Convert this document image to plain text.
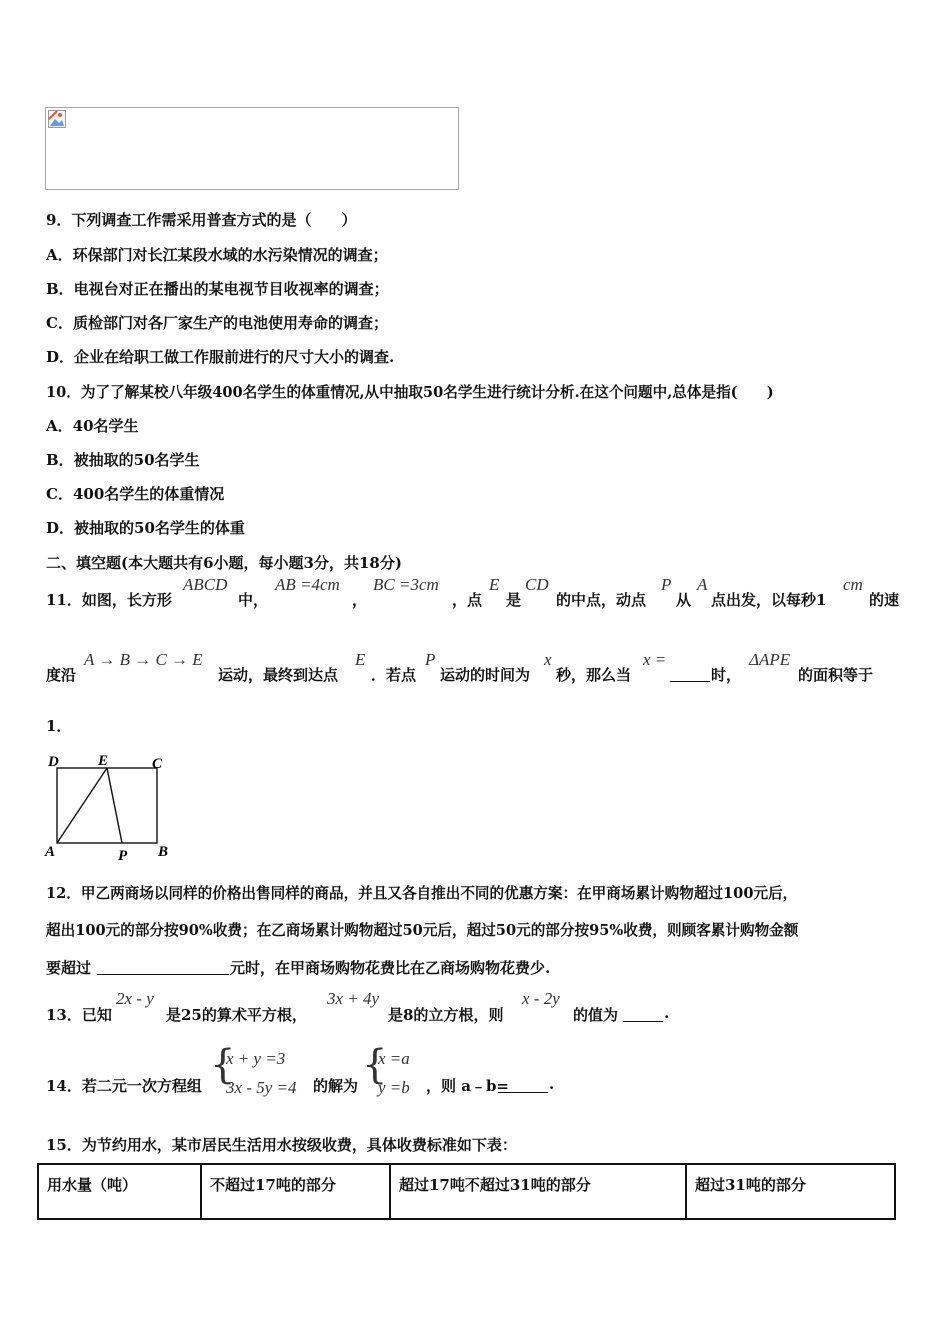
9．下列调查工作需采用普查方式的是（　　）
A．环保部门对长江某段水域的水污染情况的调查；
B．电视台对正在播出的某电视节目收视率的调查；
C．质检部门对各厂家生产的电池使用寿命的调查；
D．企业在给职工做工作服前进行的尺寸大小的调查.
10．为了了解某校八年级400名学生的体重情况,从中抽取50名学生进行统计分析.在这个问题中,总体是指(　　)
A．40名学生
B．被抽取的50名学生
C．400名学生的体重情况
D．被抽取的50名学生的体重
二、填空题(本大题共有6小题，每小题3分，共18分)
11．如图，长方形
ABCD
中，
AB =4cm
，
BC =3cm
，点
E
是
CD
的中点，动点
P
从
A
点出发，以每秒1
cm
的速
度沿
A → B → C → E
运动，最终到达点
E
．若点
P
运动的时间为
x
秒，那么当
x =
时，
ΔAPE
的面积等于
1．
D	E	C
A	P B
12．甲乙两商场以同样的价格出售同样的商品，并且又各自推出不同的优惠方案：在甲商场累计购物超过100元后，
超出100元的部分按90%收费；在乙商场累计购物超过50元后，超过50元的部分按95%收费，则顾客累计购物金额
要超过	元时，在甲商场购物花费比在乙商场购物花费少.
13．已知
2x - y
是25的算术平方根，
3x + 4y
是8的立方根，则
x - 2y
的值为	.
14．若二元一次方程组 {
x + y =3
3x - 5y =4 的解为 {
x =a
y =b ，则 a﹣b=	.
15．为节约用水，某市居民生活用水按级收费，具体收费标准如下表：
用水量（吨）	不超过17吨的部分	超过17吨不超过31吨的部分	超过31吨的部分
